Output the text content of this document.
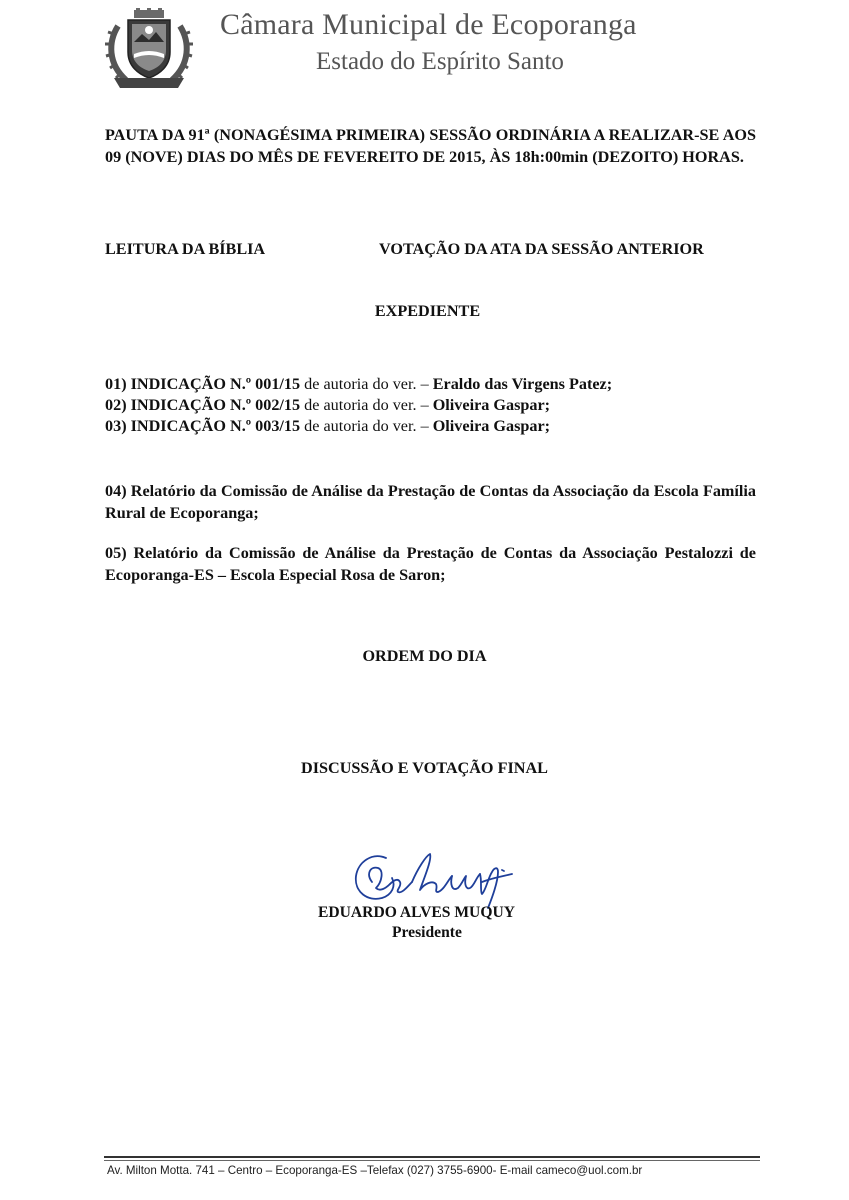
Câmara Municipal de Ecoporanga
Estado do Espírito Santo
PAUTA DA 91ª (NONAGÉSIMA PRIMEIRA) SESSÃO ORDINÁRIA A REALIZAR-SE AOS 09 (NOVE) DIAS DO MÊS DE FEVEREITO DE 2015, ÀS 18h:00min (DEZOITO) HORAS.
LEITURA DA BÍBLIA	VOTAÇÃO DA ATA DA SESSÃO ANTERIOR
EXPEDIENTE
01) INDICAÇÃO N.º 001/15 de autoria do ver. – Eraldo das Virgens Patez;
02) INDICAÇÃO N.º 002/15 de autoria do ver. – Oliveira Gaspar;
03) INDICAÇÃO N.º 003/15 de autoria do ver. – Oliveira Gaspar;
04) Relatório da Comissão de Análise da Prestação de Contas da Associação da Escola Família Rural de Ecoporanga;
05) Relatório da Comissão de Análise da Prestação de Contas da Associação Pestalozzi de Ecoporanga-ES – Escola Especial Rosa de Saron;
ORDEM DO DIA
DISCUSSÃO E VOTAÇÃO FINAL
EDUARDO ALVES MUQUY
Presidente
Av. Milton Motta. 741 – Centro – Ecoporanga-ES –Telefax (027) 3755-6900- E-mail cameco@uol.com.br
